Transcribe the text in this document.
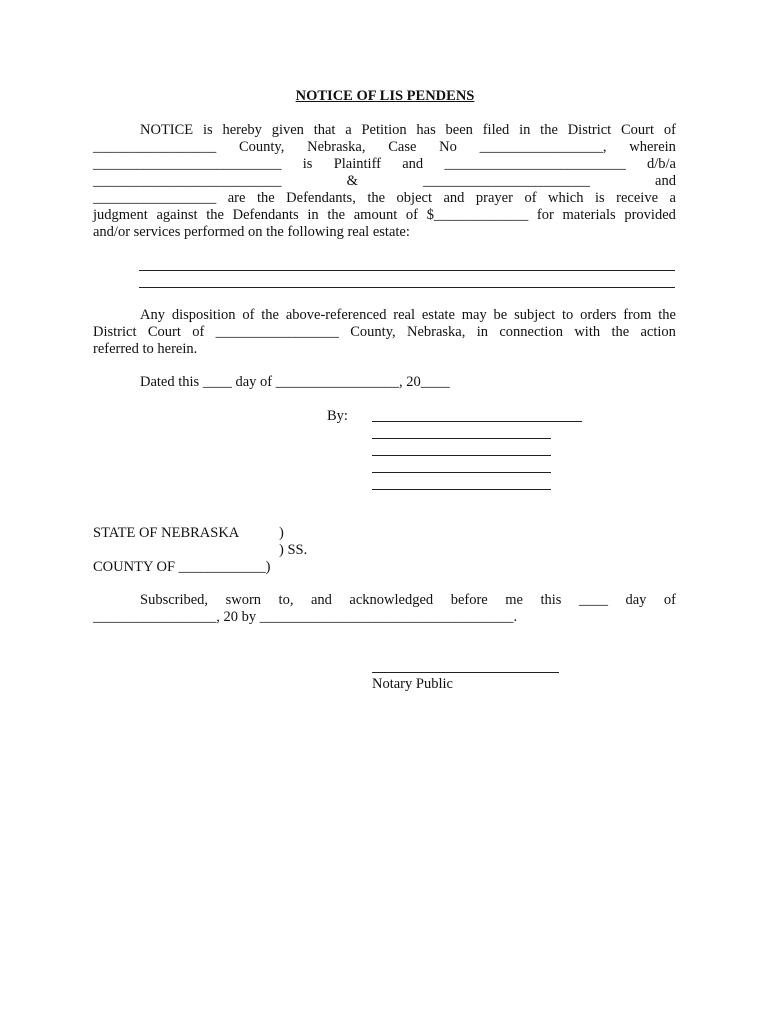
NOTICE OF LIS PENDENS
NOTICE is hereby given that a Petition has been filed in the District Court of
_________________ County, Nebraska, Case No _________________, wherein
__________________________ is Plaintiff and _________________________ d/b/a
__________________________	&	_______________________	and
_________________ are the Defendants, the object and prayer of which is receive a
judgment against the Defendants in the amount of $_____________ for materials provided
and/or services performed on the following real estate:
Any disposition of the above-referenced real estate may be subject to orders from the
District Court of _________________ County, Nebraska, in connection with the action
referred to herein.
Dated this ____ day of _________________, 20____
By:
STATE OF NEBRASKA	)
) SS.
COUNTY OF ____________)
Subscribed, sworn to, and acknowledged before me this ____ day of
_________________, 20 by ___________________________________.
Notary Public
